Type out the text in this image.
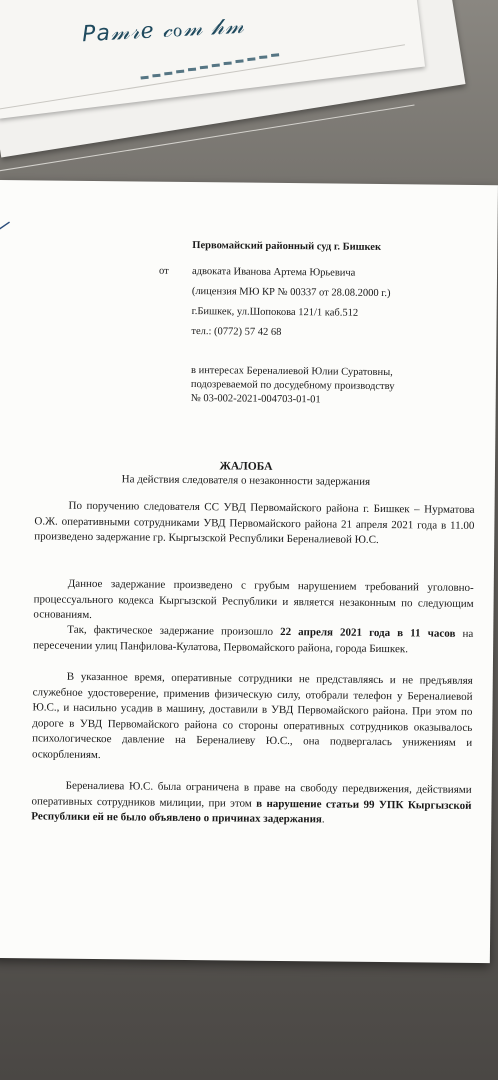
Pa𝓂𝓇ℯ 𝒸ℴ𝓂 𝒽𝓂
Первомайский районный суд г. Бишкек
от адвоката Иванова Артема Юрьевича
(лицензия МЮ КР № 00337 от 28.08.2000 г.)
г.Бишкек, ул.Шопокова 121/1 каб.512
тел.: (0772) 57 42 68
в интересах Береналиевой Юлии Суратовны,
подозреваемой по досудебному производству
№ 03-002-2021-004703-01-01
ЖАЛОБА
На действия следователя о незаконности задержания
По поручению следователя СС УВД Первомайского района г. Бишкек – Нурматова О.Ж. оперативными сотрудниками УВД Первомайского района 21 апреля 2021 года в 11.00 произведено задержание гр. Кыргызской Республики Береналиевой Ю.С.
Данное задержание произведено с грубым нарушением требований уголовно-процессуального кодекса Кыргызской Республики и является незаконным по следующим основаниям.
Так, фактическое задержание произошло 22 апреля 2021 года в 11 часов на пересечении улиц Панфилова-Кулатова, Первомайского района, города Бишкек.
В указанное время, оперативные сотрудники не представляясь и не предъявляя служебное удостоверение, применив физическую силу, отобрали телефон у Береналиевой Ю.С., и насильно усадив в машину, доставили в УВД Первомайского района. При этом по дороге в УВД Первомайского района со стороны оперативных сотрудников оказывалось психологическое давление на Береналиеву Ю.С., она подвергалась унижениям и оскорблениям.
Береналиева Ю.С. была ограничена в праве на свободу передвижения, действиями оперативных сотрудников милиции, при этом в нарушение статьи 99 УПК Кыргызской Республики ей не было объявлено о причинах задержания.
